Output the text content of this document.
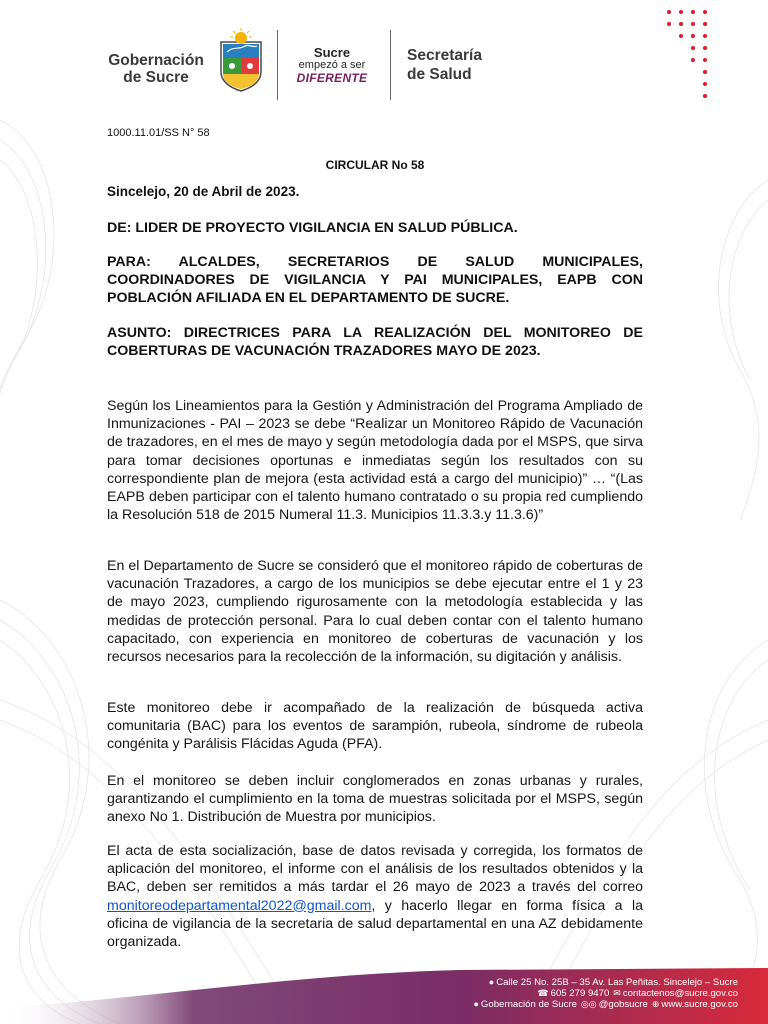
Gobernación
de Sucre
Sucre
empezó a ser
DIFERENTE
Secretaría
de Salud
1000.11.01/SS N° 58
CIRCULAR No 58
Sincelejo, 20 de Abril de 2023.
DE: LIDER DE PROYECTO VIGILANCIA EN SALUD PÚBLICA.
PARA: ALCALDES, SECRETARIOS DE SALUD MUNICIPALES, COORDINADORES DE VIGILANCIA Y PAI MUNICIPALES, EAPB CON POBLACIÓN AFILIADA EN EL DEPARTAMENTO DE SUCRE.
ASUNTO: DIRECTRICES PARA LA REALIZACIÓN DEL MONITOREO DE COBERTURAS DE VACUNACIÓN TRAZADORES MAYO DE 2023.

Según los Lineamientos para la Gestión y Administración del Programa Ampliado de Inmunizaciones - PAI – 2023 se debe “Realizar un Monitoreo Rápido de Vacunación de trazadores, en el mes de mayo y según metodología dada por el MSPS, que sirva para tomar decisiones oportunas e inmediatas según los resultados con su correspondiente plan de mejora (esta actividad está a cargo del municipio)” … “(Las EAPB deben participar con el talento humano contratado o su propia red cumpliendo la Resolución 518 de 2015 Numeral 11.3. Municipios 11.3.3.y 11.3.6)”

En el Departamento de Sucre se consideró que el monitoreo rápido de coberturas de vacunación Trazadores, a cargo de los municipios se debe ejecutar entre el 1 y 23 de mayo 2023, cumpliendo rigurosamente con la metodología establecida y las medidas de protección personal. Para lo cual deben contar con el talento humano capacitado, con experiencia en monitoreo de coberturas de vacunación y los recursos necesarios para la recolección de la información, su digitación y análisis.

Este monitoreo debe ir acompañado de la realización de búsqueda activa comunitaria (BAC) para los eventos de sarampión, rubeola, síndrome de rubeola congénita y Parálisis Flácidas Aguda (PFA).

En el monitoreo se deben incluir conglomerados en zonas urbanas y rurales, garantizando el cumplimiento en la toma de muestras solicitada por el MSPS, según anexo No 1. Distribución de Muestra por municipios.

El acta de esta socialización, base de datos revisada y corregida, los formatos de aplicación del monitoreo, el informe con el análisis de los resultados obtenidos y la BAC, deben ser remitidos a más tardar el 26 mayo de 2023 a través del correo monitoreodepartamental2022@gmail.com, y hacerlo llegar en forma física a la oficina de vigilancia de la secretaria de salud departamental en una AZ debidamente organizada.

● Calle 25 No. 25B – 35 Av. Las Peñitas. Sincelejo – Sucre
☎ 605 279 9470 ✉ contactenos@sucre.gov.co
● Gobernación de Sucre ◎◎ @gobsucre ⊕ www.sucre.gov.co
